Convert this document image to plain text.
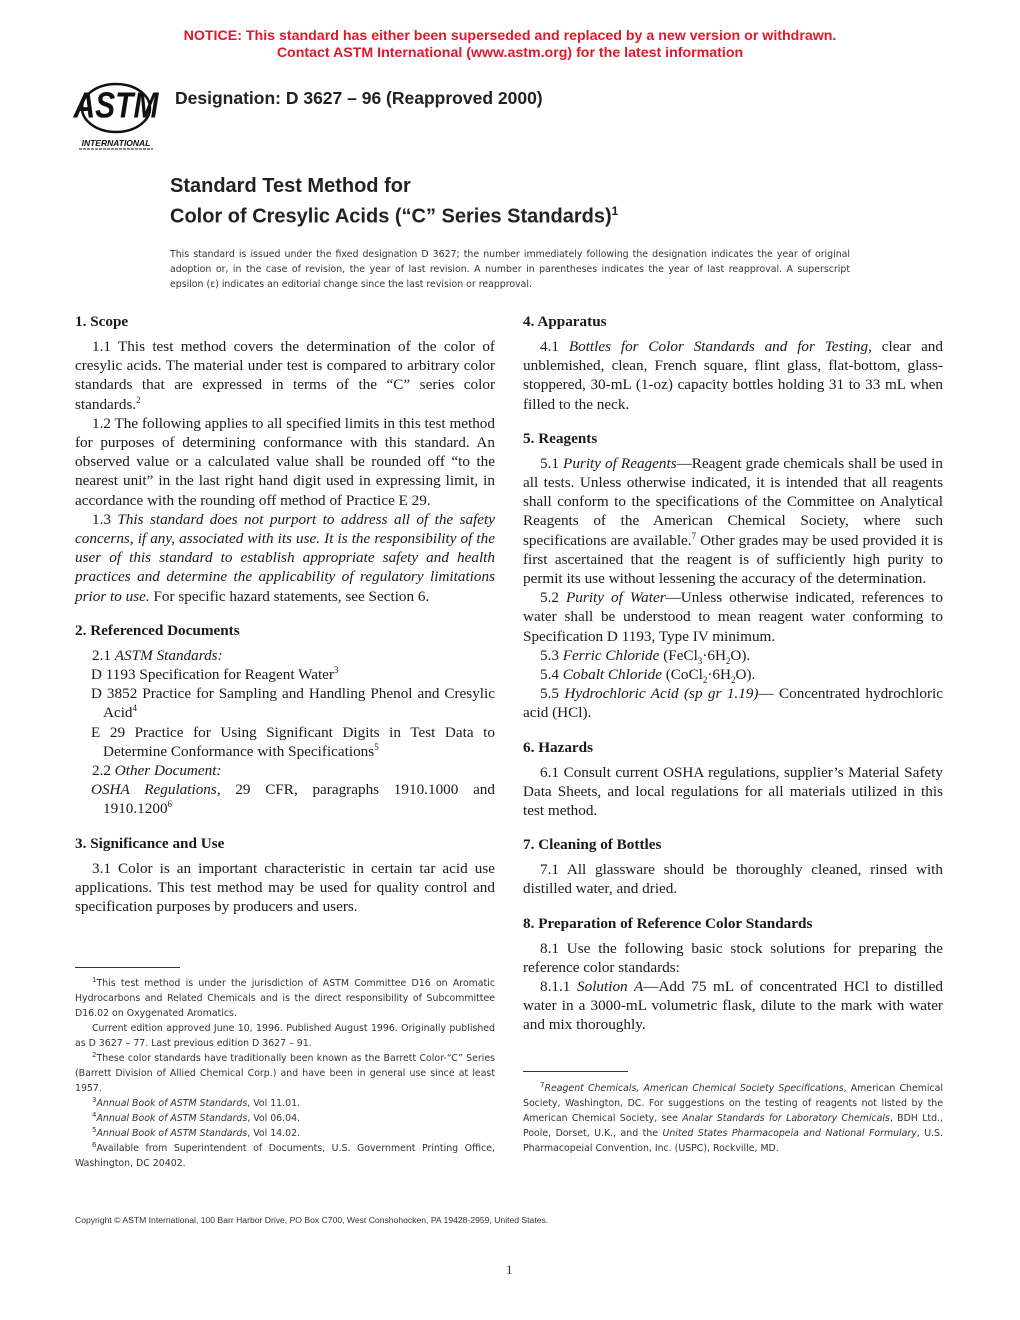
NOTICE: This standard has either been superseded and replaced by a new version or withdrawn.
Contact ASTM International (www.astm.org) for the latest information
ASTM
INTERNATIONAL
Designation: D 3627 – 96 (Reapproved 2000)
Standard Test Method for
Color of Cresylic Acids (“C” Series Standards)$^1$
This standard is issued under the fixed designation D 3627; the number immediately following the designation indicates the year of original adoption or, in the case of revision, the year of last revision. A number in parentheses indicates the year of last reapproval. A superscript epsilon (ε) indicates an editorial change since the last revision or reapproval.
1. Scope

1.1 This test method covers the determination of the color of cresylic acids. The material under test is compared to arbitrary color standards that are expressed in terms of the “C” series color standards.$^2$

1.2 The following applies to all specified limits in this test method for purposes of determining conformance with this standard. An observed value or a calculated value shall be rounded off “to the nearest unit” in the last right hand digit used in expressing limit, in accordance with the rounding off method of Practice E 29.

1.3 This standard does not purport to address all of the safety concerns, if any, associated with its use. It is the responsibility of the user of this standard to establish appropriate safety and health practices and determine the applicability of regulatory limitations prior to use. For specific hazard statements, see Section 6.

2. Referenced Documents

2.1 ASTM Standards:

D 1193 Specification for Reagent Water$^3$

D 3852 Practice for Sampling and Handling Phenol and Cresylic Acid$^4$

E 29 Practice for Using Significant Digits in Test Data to Determine Conformance with Specifications$^5$

2.2 Other Document:

OSHA Regulations, 29 CFR, paragraphs 1910.1000 and 1910.1200$^6$

3. Significance and Use

3.1 Color is an important characteristic in certain tar acid use applications. This test method may be used for quality control and specification purposes by producers and users.

$^1$This test method is under the jurisdiction of ASTM Committee D16 on Aromatic Hydrocarbons and Related Chemicals and is the direct responsibility of Subcommittee D16.02 on Oxygenated Aromatics.

Current edition approved June 10, 1996. Published August 1996. Originally published as D 3627 – 77. Last previous edition D 3627 – 91.

$^2$These color standards have traditionally been known as the Barrett Color-“C” Series (Barrett Division of Allied Chemical Corp.) and have been in general use since at least 1957.

$^3$Annual Book of ASTM Standards, Vol 11.01.

$^4$Annual Book of ASTM Standards, Vol 06.04.

$^5$Annual Book of ASTM Standards, Vol 14.02.

$^6$Available from Superintendent of Documents, U.S. Government Printing Office, Washington, DC 20402.

4. Apparatus

4.1 Bottles for Color Standards and for Testing, clear and unblemished, clean, French square, flint glass, flat-bottom, glass-stoppered, 30-mL (1-oz) capacity bottles holding 31 to 33 mL when filled to the neck.

5. Reagents

5.1 Purity of Reagents—Reagent grade chemicals shall be used in all tests. Unless otherwise indicated, it is intended that all reagents shall conform to the specifications of the Committee on Analytical Reagents of the American Chemical Society, where such specifications are available.$^7$ Other grades may be used provided it is first ascertained that the reagent is of sufficiently high purity to permit its use without lessening the accuracy of the determination.

5.2 Purity of Water—Unless otherwise indicated, references to water shall be understood to mean reagent water conforming to Specification D 1193, Type IV minimum.

5.3 Ferric Chloride $(FeCl_3\cdot 6H_2O)$.

5.4 Cobalt Chloride $(CoCl_2\cdot 6H_2O)$.

5.5 Hydrochloric Acid (sp gr 1.19)— Concentrated hydrochloric acid (HCl).

6. Hazards

6.1 Consult current OSHA regulations, supplier’s Material Safety Data Sheets, and local regulations for all materials utilized in this test method.

7. Cleaning of Bottles

7.1 All glassware should be thoroughly cleaned, rinsed with distilled water, and dried.

8. Preparation of Reference Color Standards

8.1 Use the following basic stock solutions for preparing the reference color standards:

8.1.1 Solution A—Add 75 mL of concentrated HCl to distilled water in a 3000-mL volumetric flask, dilute to the mark with water and mix thoroughly.

$^7$Reagent Chemicals, American Chemical Society Specifications, American Chemical Society, Washington, DC. For suggestions on the testing of reagents not listed by the American Chemical Society, see Analar Standards for Laboratory Chemicals, BDH Ltd., Poole, Dorset, U.K., and the United States Pharmacopeia and National Formulary, U.S. Pharmacopeial Convention, Inc. (USPC), Rockville, MD.

Copyright © ASTM International, 100 Barr Harbor Drive, PO Box C700, West Conshohocken, PA 19428-2959, United States.
1
